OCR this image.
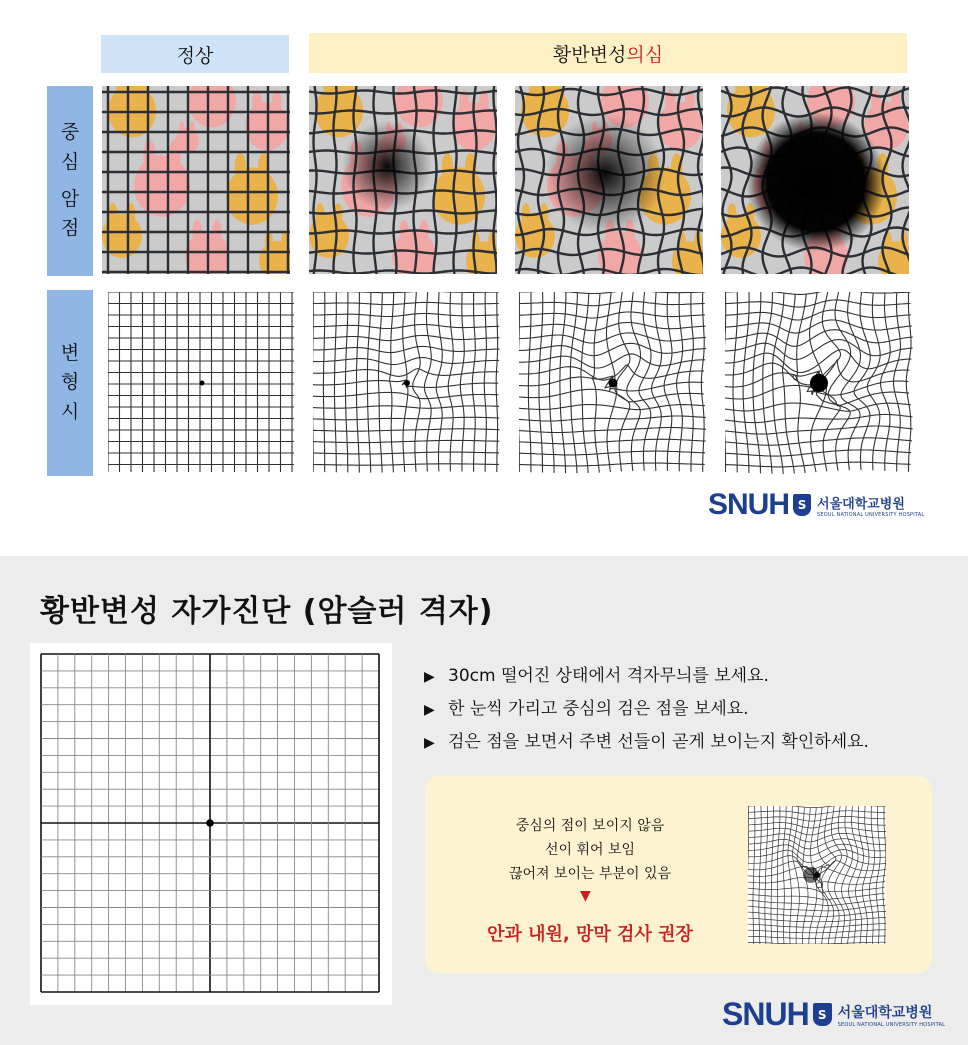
정상	황반변성 의심
중
심
암
점
변
형
시
SNUH S 서울대학교병원
SEOUL NATIONAL UNIVERSITY HOSPITAL
황반변성 자가진단 (암슬러 격자)
▶ 30cm 떨어진 상태에서 격자무늬를 보세요.
▶ 한 눈씩 가리고 중심의 검은 점을 보세요.
▶ 검은 점을 보면서 주변 선들이 곧게 보이는지 확인하세요.
중심의 점이 보이지 않음
선이 휘어 보임
끊어져 보이는 부분이 있음
▼
안과 내원, 망막 검사 권장
SNUH S 서울대학교병원
SEOUL NATIONAL UNIVERSITY HOSPITAL
